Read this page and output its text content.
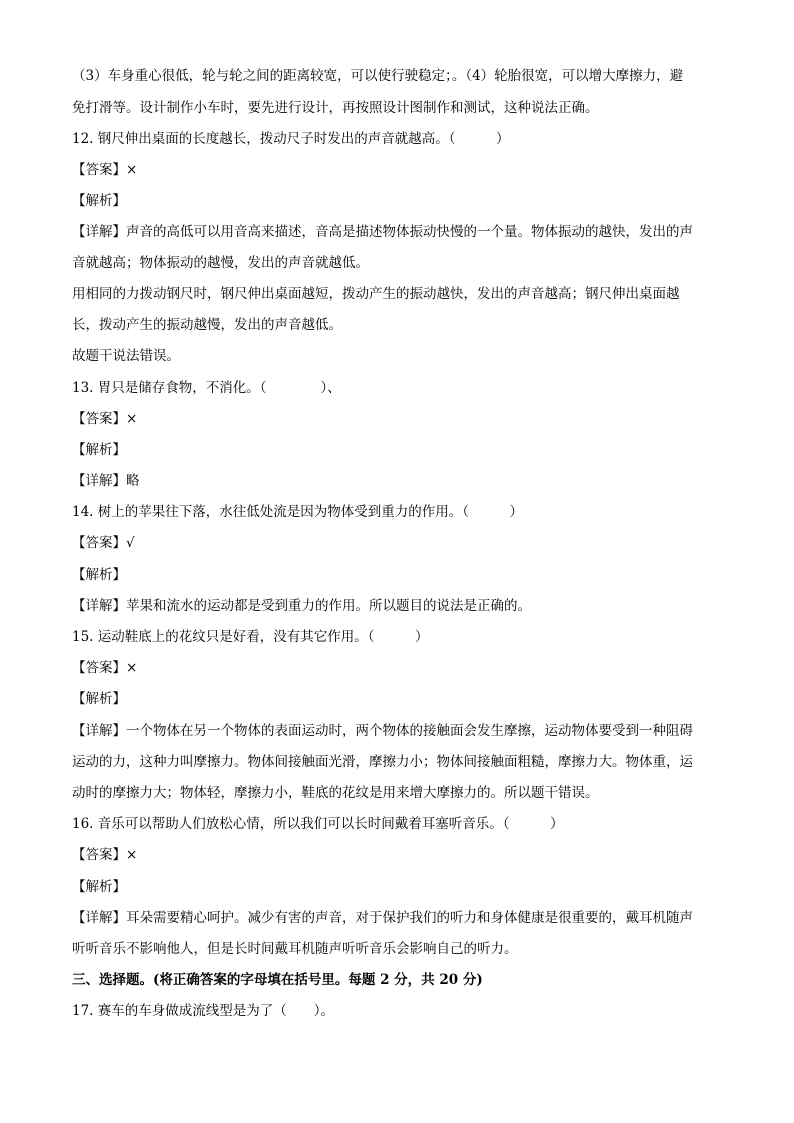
（3）车身重心很低，轮与轮之间的距离较宽，可以使行驶稳定；。（4）轮胎很宽，可以增大摩擦力，避
免打滑等。设计制作小车时，要先进行设计，再按照设计图制作和测试，这种说法正确。
12. 钢尺伸出桌面的长度越长，拨动尺子时发出的声音就越高。（　　　）
【答案】×
【解析】
【详解】声音的高低可以用音高来描述，音高是描述物体振动快慢的一个量。物体振动的越快，发出的声
音就越高；物体振动的越慢，发出的声音就越低。
用相同的力拨动钢尺时，钢尺伸出桌面越短，拨动产生的振动越快，发出的声音越高；钢尺伸出桌面越
长，拨动产生的振动越慢，发出的声音越低。
故题干说法错误。
13. 胃只是储存食物，不消化。（　　　　）、
【答案】×
【解析】
【详解】略
14. 树上的苹果往下落，水往低处流是因为物体受到重力的作用。（　　　）
【答案】√
【解析】
【详解】苹果和流水的运动都是受到重力的作用。所以题目的说法是正确的。
15. 运动鞋底上的花纹只是好看，没有其它作用。（　　　）
【答案】×
【解析】
【详解】一个物体在另一个物体的表面运动时，两个物体的接触面会发生摩擦，运动物体要受到一种阻碍
运动的力，这种力叫摩擦力。物体间接触面光滑，摩擦力小；物体间接触面粗糙，摩擦力大。物体重，运
动时的摩擦力大；物体轻，摩擦力小，鞋底的花纹是用来增大摩擦力的。所以题干错误。
16. 音乐可以帮助人们放松心情，所以我们可以长时间戴着耳塞听音乐。（　　　）
【答案】×
【解析】
【详解】耳朵需要精心呵护。减少有害的声音，对于保护我们的听力和身体健康是很重要的，戴耳机随声
听听音乐不影响他人，但是长时间戴耳机随声听听音乐会影响自己的听力。
三、选择题。(将正确答案的字母填在括号里。每题 2 分，共 20 分)
17. 赛车的车身做成流线型是为了（　　）。
